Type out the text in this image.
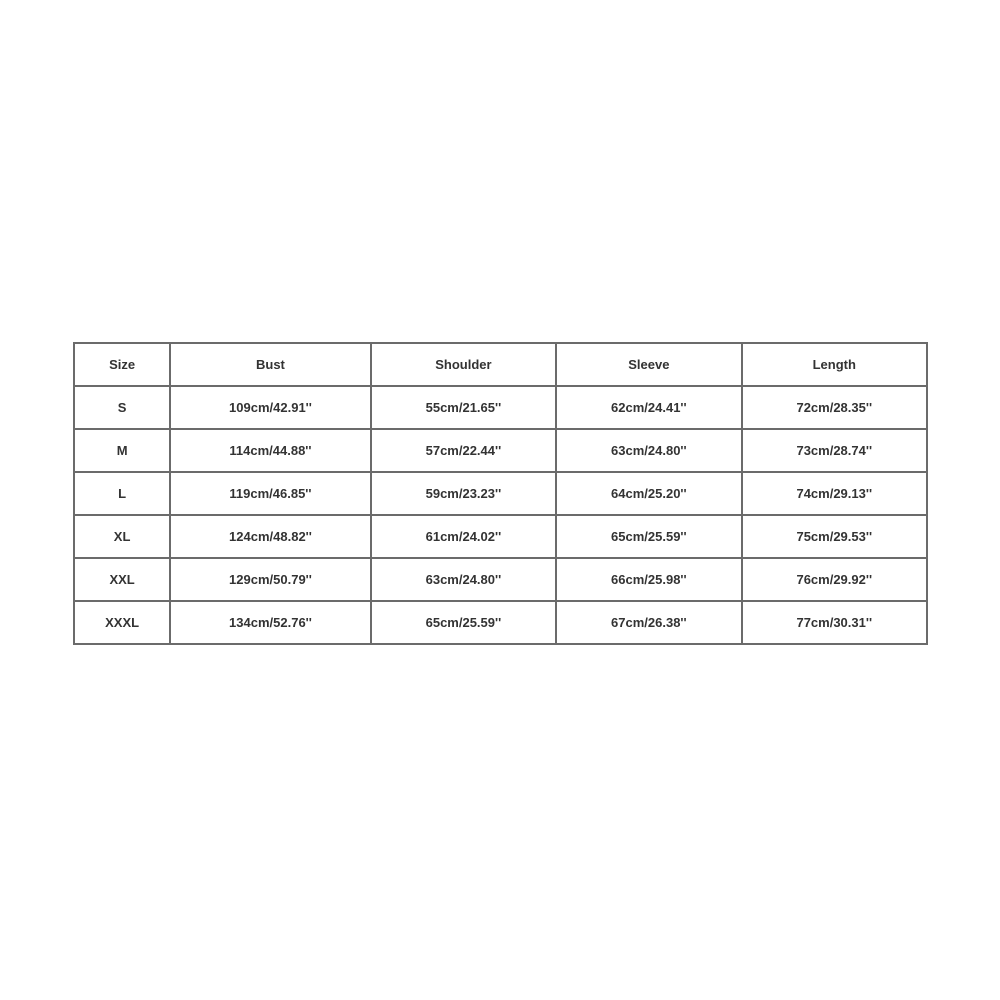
Size	Bust	Shoulder	Sleeve	Length
S	109cm/42.91''	55cm/21.65''	62cm/24.41''	72cm/28.35''
M	114cm/44.88''	57cm/22.44''	63cm/24.80''	73cm/28.74''
L	119cm/46.85''	59cm/23.23''	64cm/25.20''	74cm/29.13''
XL	124cm/48.82''	61cm/24.02''	65cm/25.59''	75cm/29.53''
XXL	129cm/50.79''	63cm/24.80''	66cm/25.98''	76cm/29.92''
XXXL	134cm/52.76''	65cm/25.59''	67cm/26.38''	77cm/30.31''
